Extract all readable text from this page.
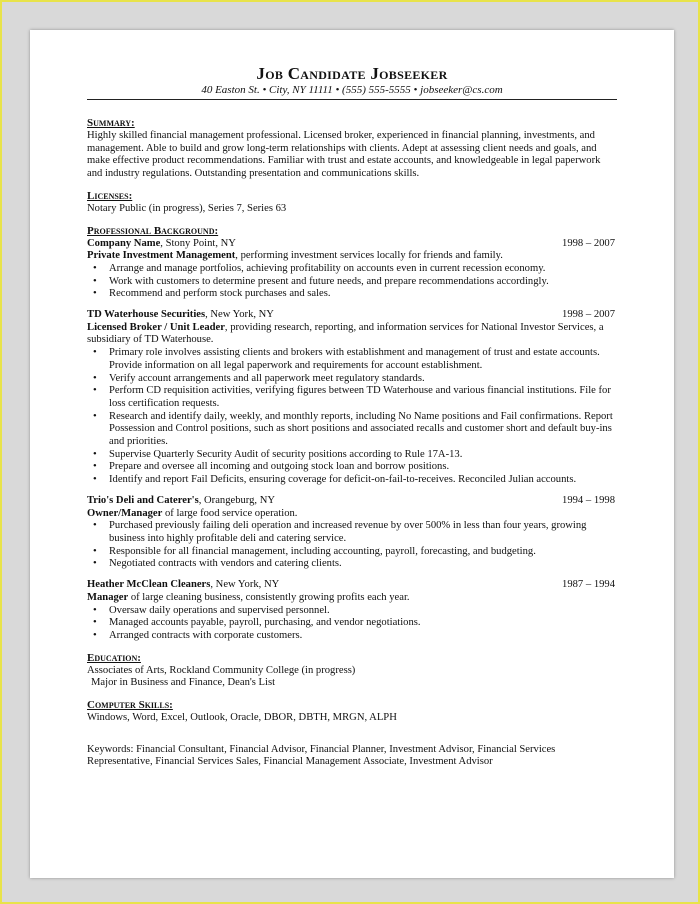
Job Candidate Jobseeker
40 Easton St. • City, NY 11111 • (555) 555-5555 • jobseeker@cs.com
Summary:

Highly skilled financial management professional. Licensed broker, experienced in financial planning, investments, and management. Able to build and grow long-term relationships with clients. Adept at assessing client needs and goals, and make effective product recommendations. Familiar with trust and estate accounts, and knowledgeable in legal paperwork and industry regulations. Outstanding presentation and communications skills.

Licenses:

Notary Public (in progress), Series 7, Series 63

Professional Background:
Company Name, Stony Point, NY	1998 – 2007
Private Investment Management, performing investment services locally for friends and family.
• Arrange and manage portfolios, achieving profitability on accounts even in current recession economy.
• Work with customers to determine present and future needs, and prepare recommendations accordingly.
• Recommend and perform stock purchases and sales.
TD Waterhouse Securities, New York, NY	1998 – 2007
Licensed Broker / Unit Leader, providing research, reporting, and information services for National Investor Services, a subsidiary of TD Waterhouse.
• Primary role involves assisting clients and brokers with establishment and management of trust and estate accounts. Provide information on all legal paperwork and requirements for account establishment.
• Verify account arrangements and all paperwork meet regulatory standards.
• Perform CD requisition activities, verifying figures between TD Waterhouse and various financial institutions. File for loss certification requests.
• Research and identify daily, weekly, and monthly reports, including No Name positions and Fail confirmations. Report Possession and Control positions, such as short positions and associated recalls and customer short and default buy-ins and priorities.
• Supervise Quarterly Security Audit of security positions according to Rule 17A-13.
• Prepare and oversee all incoming and outgoing stock loan and borrow positions.
• Identify and report Fail Deficits, ensuring coverage for deficit-on-fail-to-receives. Reconciled Julian accounts.
Trio's Deli and Caterer's, Orangeburg, NY	1994 – 1998
Owner/Manager of large food service operation.
• Purchased previously failing deli operation and increased revenue by over 500% in less than four years, growing business into highly profitable deli and catering service.
• Responsible for all financial management, including accounting, payroll, forecasting, and budgeting.
• Negotiated contracts with vendors and catering clients.
Heather McClean Cleaners, New York, NY	1987 – 1994
Manager of large cleaning business, consistently growing profits each year.
• Oversaw daily operations and supervised personnel.
• Managed accounts payable, payroll, purchasing, and vendor negotiations.
• Arranged contracts with corporate customers.
Education:
Associates of Arts, Rockland Community College (in progress)
Major in Business and Finance, Dean's List
Computer Skills:
Windows, Word, Excel, Outlook, Oracle, DBOR, DBTH, MRGN, ALPH
Keywords: Financial Consultant, Financial Advisor, Financial Planner, Investment Advisor, Financial Services Representative, Financial Services Sales, Financial Management Associate, Investment Advisor
